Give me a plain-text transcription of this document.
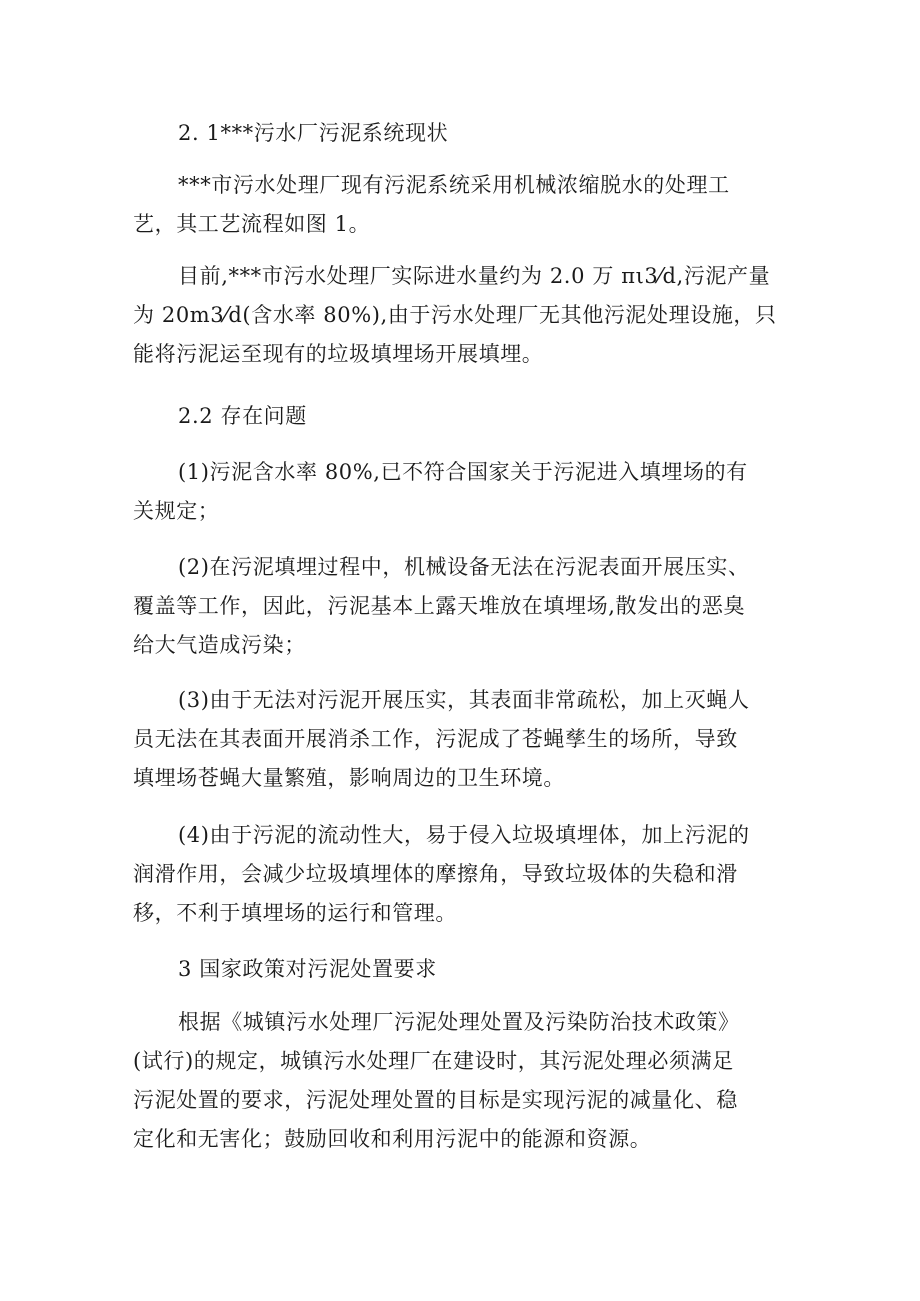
2. 1***污水厂污泥系统现状
***市污水处理厂现有污泥系统采用机械浓缩脱水的处理工
艺，其工艺流程如图 1。
目前,***市污水处理厂实际进水量约为 2.0 万 πι3⁄d,污泥产量
为 20m3⁄d(含水率 80%),由于污水处理厂无其他污泥处理设施，只
能将污泥运至现有的垃圾填埋场开展填埋。
2.2 存在问题
(1)污泥含水率 80%,已不符合国家关于污泥进入填埋场的有
关规定；
(2)在污泥填埋过程中，机械设备无法在污泥表面开展压实、
覆盖等工作，因此，污泥基本上露天堆放在填埋场,散发出的恶臭
给大气造成污染；
(3)由于无法对污泥开展压实，其表面非常疏松，加上灭蝇人
员无法在其表面开展消杀工作，污泥成了苍蝇孳生的场所，导致
填埋场苍蝇大量繁殖，影响周边的卫生环境。
(4)由于污泥的流动性大，易于侵入垃圾填埋体，加上污泥的
润滑作用，会减少垃圾填埋体的摩擦角，导致垃圾体的失稳和滑
移，不利于填埋场的运行和管理。
3 国家政策对污泥处置要求
根据《城镇污水处理厂污泥处理处置及污染防治技术政策》
(试行)的规定，城镇污水处理厂在建设时，其污泥处理必须满足
污泥处置的要求，污泥处理处置的目标是实现污泥的减量化、稳
定化和无害化；鼓励回收和利用污泥中的能源和资源。
